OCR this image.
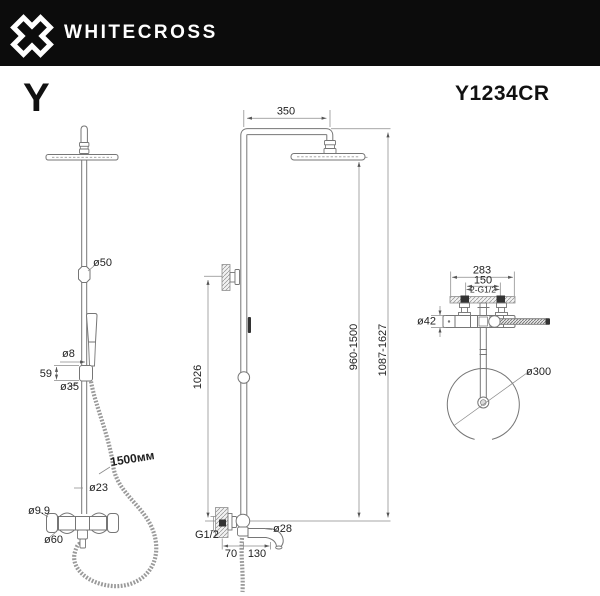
WHITECROSS
Y	Y1234CR
ø50
ø8
59
ø35
1500мм
ø23
ø9.9
ø60
350
1026
960-1500 1087-1627
G1/2
70 130
ø28
283
150
2-G1/2
ø42
ø300
